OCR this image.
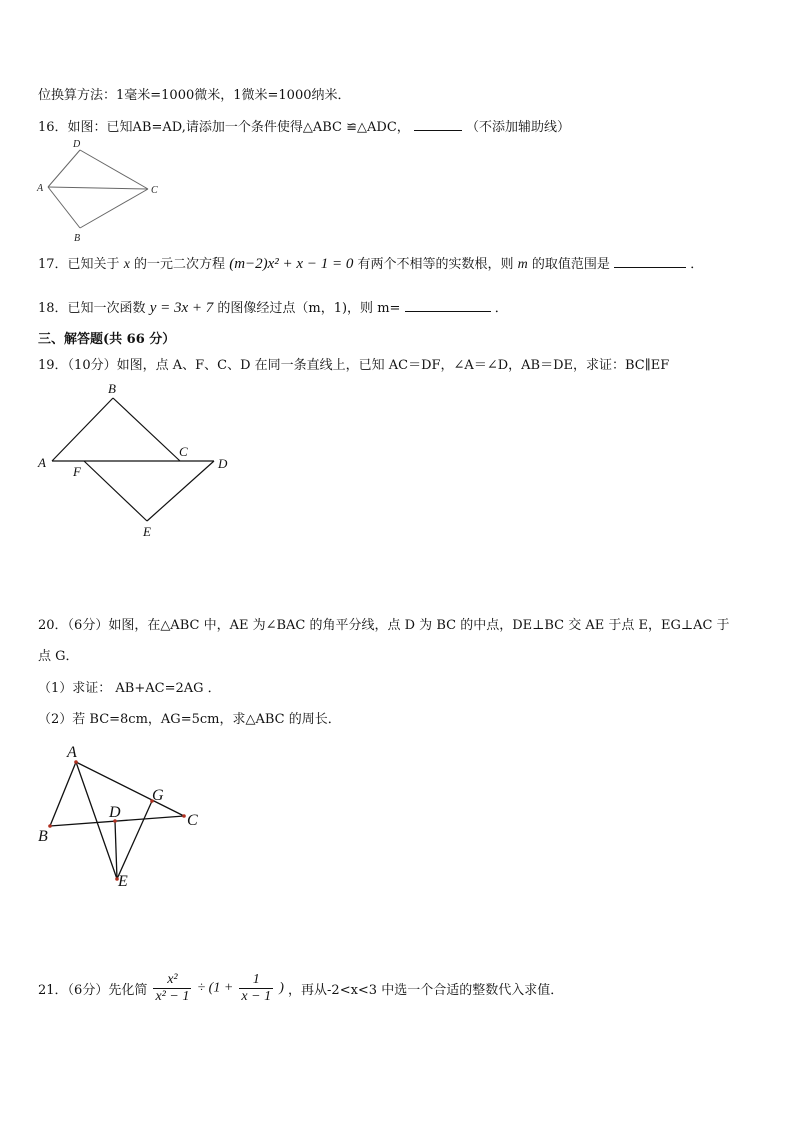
位换算方法：1毫米=1000微米，1微米=1000纳米．
16．如图：已知AB=AD,请添加一个条件使得△ABC ≌△ADC，	（不添加辅助线）
D
A	C
B
17．已知关于 x 的一元二次方程 (m−2)x² + x − 1 = 0 有两个不相等的实数根，则 m 的取值范围是	．
18．已知一次函数 y = 3x + 7 的图像经过点（m，1)，则 m=	．
三、解答题(共 66 分）
19．（10分）如图，点 A、F、C、D 在同一条直线上，已知 AC＝DF，∠A＝∠D，AB＝DE，求证：BC∥EF
B
A
C
D
F
E
20．（6分）如图，在△ABC 中，AE 为∠BAC 的角平分线，点 D 为 BC 的中点，DE⊥BC 交 AE 于点 E，EG⊥AC 于
点 G．
（1）求证： AB+AC=2AG ．
（2）若 BC=8cm，AG=5cm，求△ABC 的周长．
A
B
C
D
E
G
21．（6分）先化简 $\frac{\text{x²}}{\text{x² − 1}} \div (1 + \frac{1}{x - 1}$ ) ，再从-2<x<3 中选一个合适的整数代入求值．
